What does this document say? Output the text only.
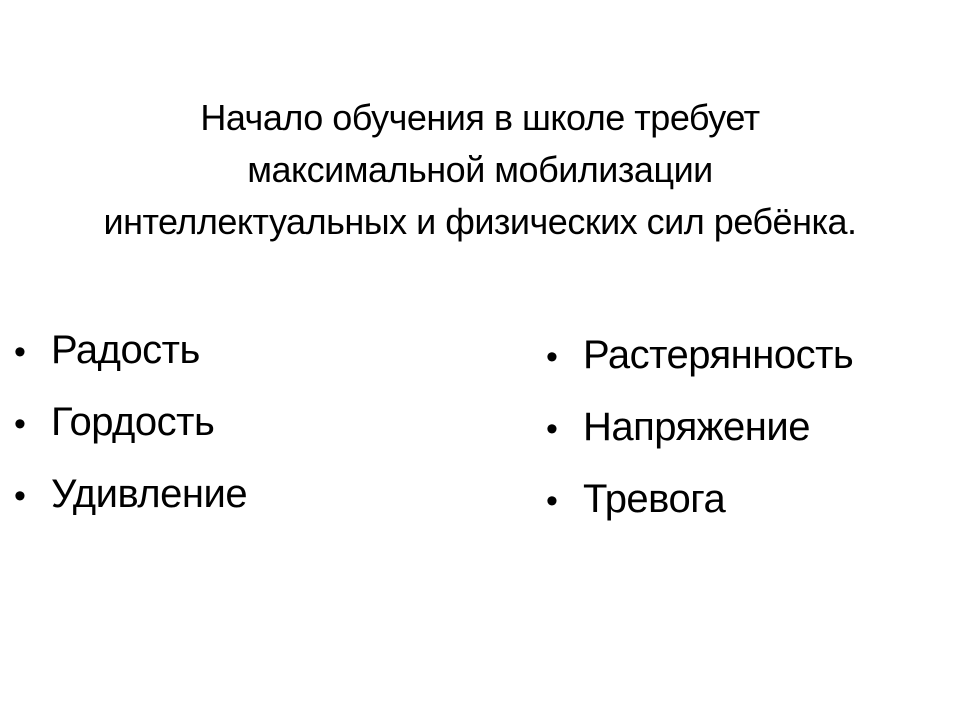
Начало обучения в школе требует
максимальной мобилизации
интеллектуальных и физических сил ребёнка.
• Радость
• Гордость
• Удивление
• Растерянность
• Напряжение
• Тревога
